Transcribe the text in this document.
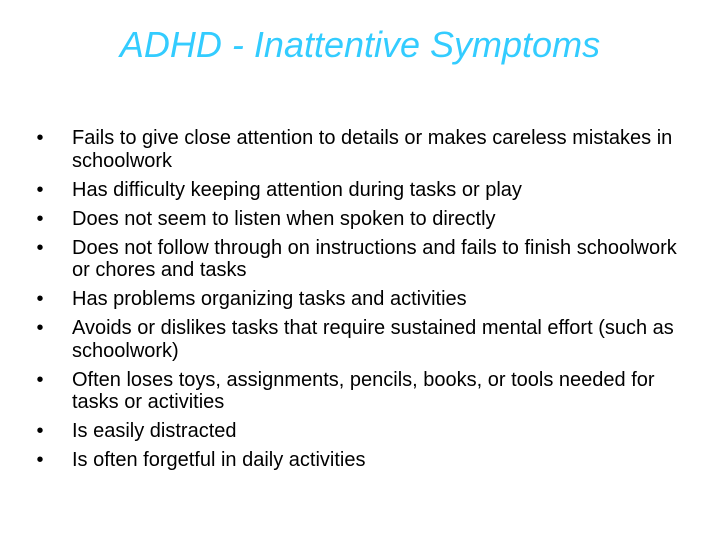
ADHD - Inattentive Symptoms
•	Fails to give close attention to details or makes careless mistakes in schoolwork
•	Has difficulty keeping attention during tasks or play
•	Does not seem to listen when spoken to directly
•	Does not follow through on instructions and fails to finish schoolwork or chores and tasks
•	Has problems organizing tasks and activities
•	Avoids or dislikes tasks that require sustained mental effort (such as schoolwork)
•	Often loses toys, assignments, pencils, books, or tools needed for tasks or activities
•	Is easily distracted
•	Is often forgetful in daily activities
